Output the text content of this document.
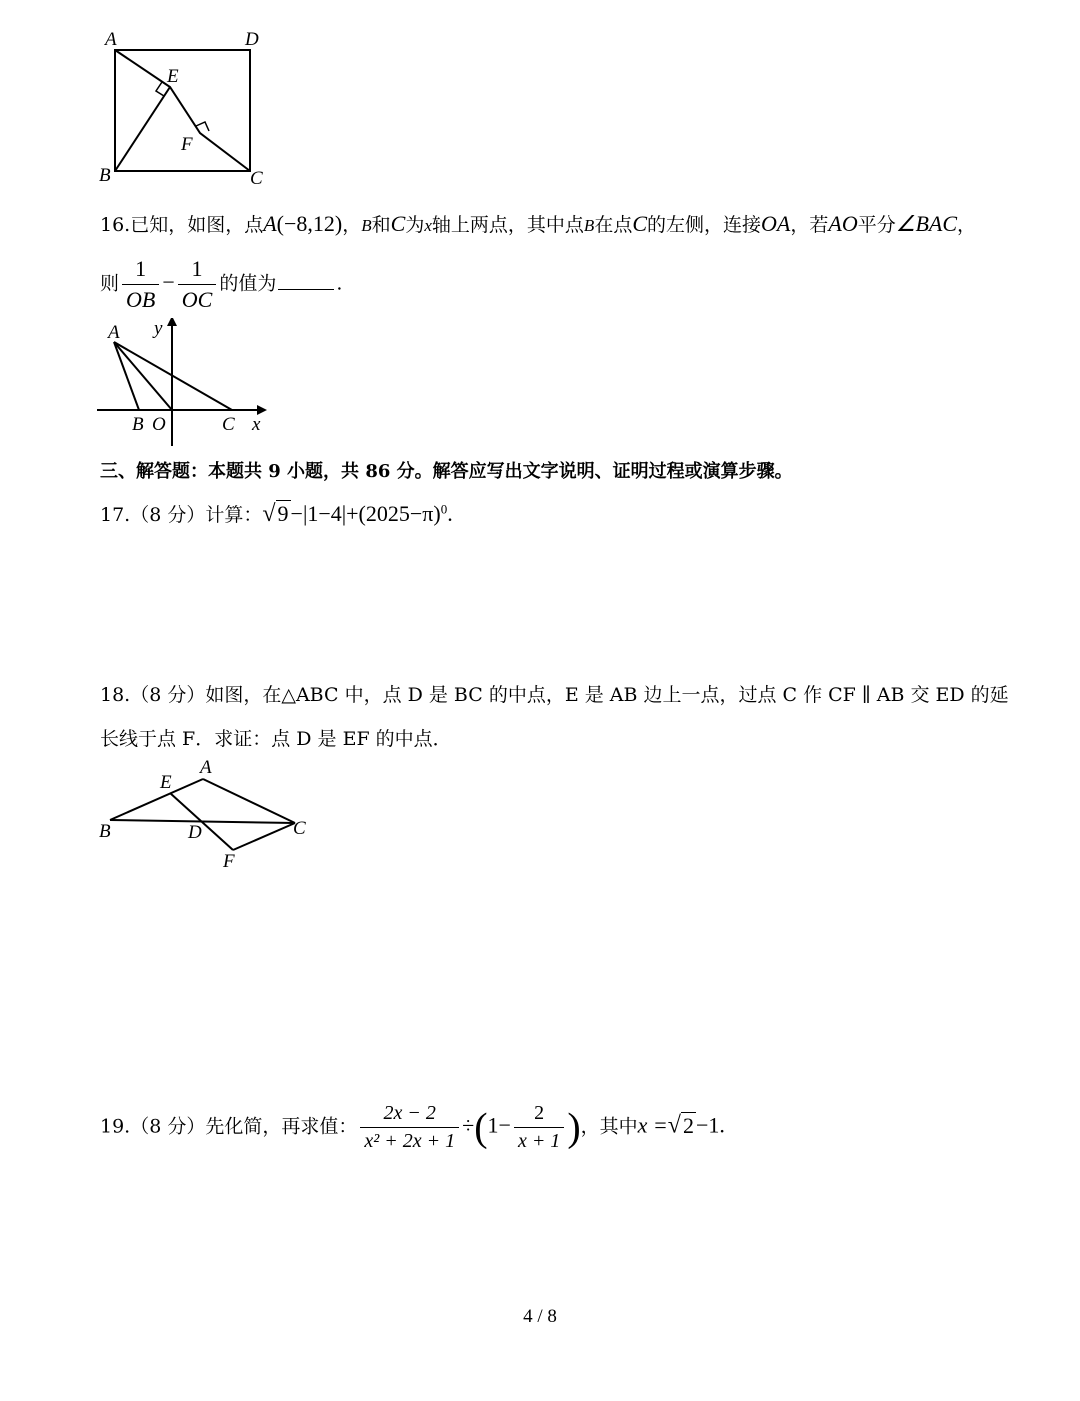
A	D
E
F
B	C
16.已知，如图，点A(−8,12)，B和C为x轴上两点，其中点B在点C的左侧，连接OA，若AO平分∠BAC，
则 $\frac{1}{OB} - \frac{1}{OC}$ 的值为	.
A y
B O	C x
三、解答题：本题共 9 小题，共 86 分。解答应写出文字说明、证明过程或演算步骤。
17.（8 分）计算：$√9-|1-4|+(2025-\pi)^0$.
18.（8 分）如图，在△ABC 中，点 D 是 BC 的中点，E 是 AB 边上一点，过点 C 作 CF ∥ AB 交 ED 的延
长线于点 F．求证：点 D 是 EF 的中点．
A
E
B	D	C
F
19.（8 分）先化简，再求值： $\frac{2x - 2}{\text{x² + 2x + 1}} \div(1- \frac{2}{x + 1}$ )，其中x =√2−1.
4 / 8
